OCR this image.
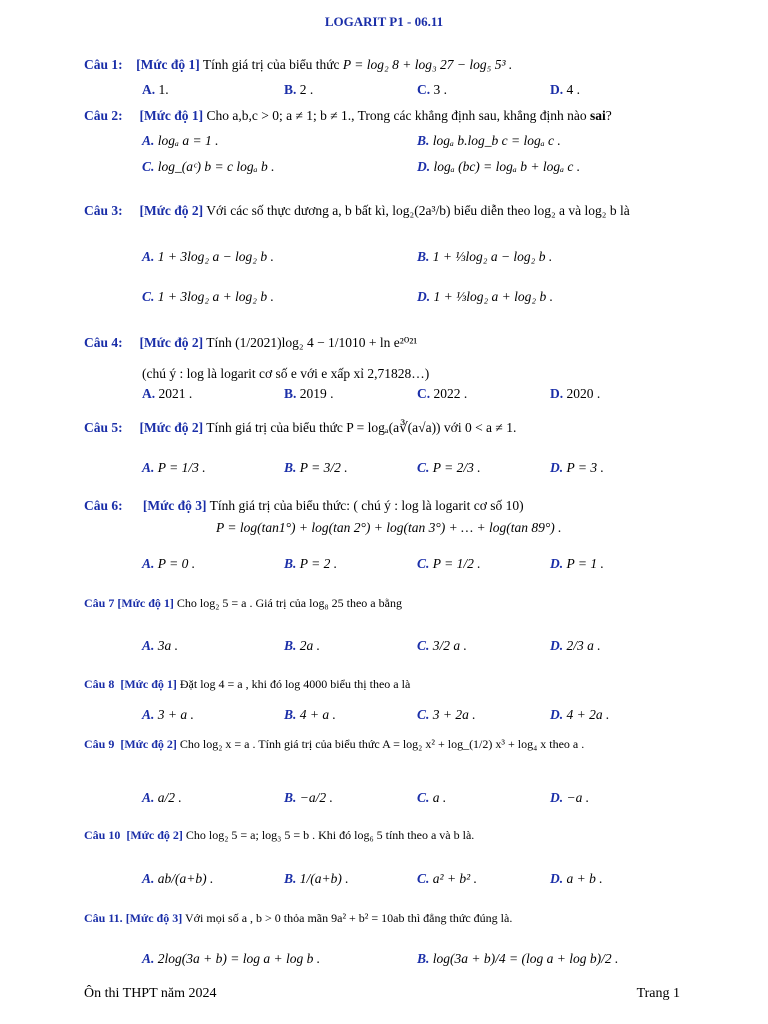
LOGARIT P1 - 06.11
Câu 1: [Mức độ 1] Tính giá trị của biểu thức P = log₂ 8 + log₃ 27 − log₅ 5³ .
A. 1.	B. 2 .	C. 3 .	D. 4 .
Câu 2: [Mức độ 1] Cho a,b,c > 0; a ≠ 1; b ≠ 1., Trong các khẳng định sau, khẳng định nào sai?
A. logₐ a = 1 .	B. logₐ b.log_b c = logₐ c .
C. log_(aᶜ) b = c logₐ b .	D. logₐ (bc) = logₐ b + logₐ c .
Câu 3: [Mức độ 2] Với các số thực dương a, b bất kì, log₂(2a³/b) biểu diễn theo log₂ a và log₂ b là
A. 1 + 3log₂ a − log₂ b .	B. 1 + ⅓log₂ a − log₂ b .
C. 1 + 3log₂ a + log₂ b .	D. 1 + ⅓log₂ a + log₂ b .
Câu 4: [Mức độ 2] Tính (1/2021)log₂ 4 − 1/1010 + ln e²⁰²¹
(chú ý : log là logarit cơ số e với e xấp xỉ 2,71828…)
A. 2021 .	B. 2019 .	C. 2022 .	D. 2020 .
Câu 5: [Mức độ 2] Tính giá trị của biểu thức P = logₐ(a∛(a√a)) với 0 < a ≠ 1.
A. P = 1/3 .	B. P = 3/2 .	C. P = 2/3 .	D. P = 3 .
Câu 6: [Mức độ 3] Tính giá trị của biểu thức: ( chú ý : log là logarit cơ số 10)
P = log(tan1°) + log(tan 2°) + log(tan 3°) + … + log(tan 89°) .
A. P = 0 .	B. P = 2 .	C. P = 1/2 .	D. P = 1 .
Câu 7 [Mức độ 1] Cho log₂ 5 = a . Giá trị của log₈ 25 theo a bằng
A. 3a .	B. 2a .	C. 3/2 a .	D. 2/3 a .
Câu 8 [Mức độ 1] Đặt log 4 = a , khi đó log 4000 biểu thị theo a là
A. 3 + a .	B. 4 + a .	C. 3 + 2a .	D. 4 + 2a .
Câu 9 [Mức độ 2] Cho log₂ x = a . Tính giá trị của biểu thức A = log₂ x² + log_(1/2) x³ + log₄ x theo a .
A. a/2 .	B. −a/2 .	C. a .	D. −a .
Câu 10 [Mức độ 2] Cho log₂ 5 = a; log₃ 5 = b . Khi đó log₆ 5 tính theo a và b là.
A. ab/(a+b) .	B. 1/(a+b) .	C. a² + b² .	D. a + b .
Câu 11. [Mức độ 3] Với mọi số a , b > 0 thỏa mãn 9a² + b² = 10ab thì đẳng thức đúng là.
A. 2log(3a + b) = log a + log b .	B. log(3a + b)/4 = (log a + log b)/2 .
Ôn thi THPT năm 2024	Trang 1
